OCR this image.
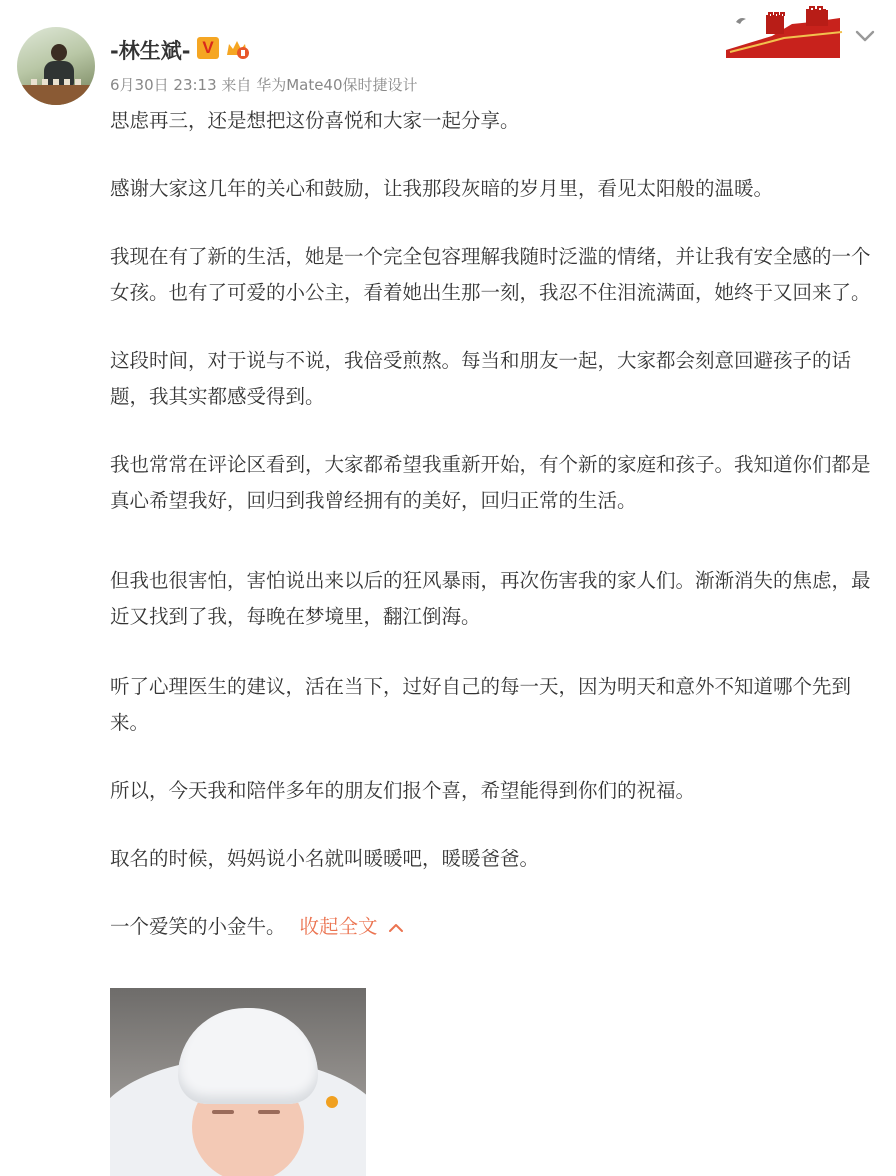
-林生斌- V
6月30日 23:13 来自 华为Mate40保时捷设计

思虑再三，还是想把这份喜悦和大家一起分享。

感谢大家这几年的关心和鼓励，让我那段灰暗的岁月里，看见太阳般的温暖。

我现在有了新的生活，她是一个完全包容理解我随时泛滥的情绪，并让我有安全感的一个女孩。也有了可爱的小公主，看着她出生那一刻，我忍不住泪流满面，她终于又回来了。

这段时间，对于说与不说，我倍受煎熬。每当和朋友一起，大家都会刻意回避孩子的话题，我其实都感受得到。

我也常常在评论区看到，大家都希望我重新开始，有个新的家庭和孩子。我知道你们都是真心希望我好，回归到我曾经拥有的美好，回归正常的生活。

但我也很害怕，害怕说出来以后的狂风暴雨，再次伤害我的家人们。渐渐消失的焦虑，最近又找到了我，每晚在梦境里，翻江倒海。

听了心理医生的建议，活在当下，过好自己的每一天，因为明天和意外不知道哪个先到来。

所以，今天我和陪伴多年的朋友们报个喜，希望能得到你们的祝福。

取名的时候，妈妈说小名就叫暖暖吧，暖暖爸爸。

一个爱笑的小金牛。 收起全文
